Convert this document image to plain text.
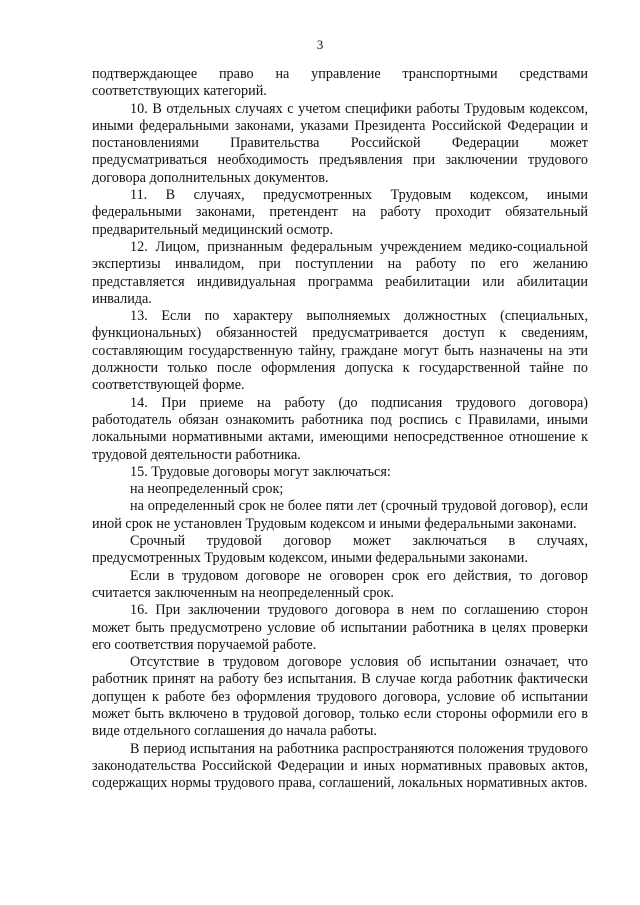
3

подтверждающее право на управление транспортными средствами соответствующих категорий.

10. В отдельных случаях с учетом специфики работы Трудовым кодексом, иными федеральными законами, указами Президента Российской Федерации и постановлениями Правительства Российской Федерации может предусматриваться необходимость предъявления при заключении трудового договора дополнительных документов.

11. В случаях, предусмотренных Трудовым кодексом, иными федеральными законами, претендент на работу проходит обязательный предварительный медицинский осмотр.

12. Лицом, признанным федеральным учреждением медико-социальной экспертизы инвалидом, при поступлении на работу по его желанию представляется индивидуальная программа реабилитации или абилитации инвалида.

13. Если по характеру выполняемых должностных (специальных, функциональных) обязанностей предусматривается доступ к сведениям, составляющим государственную тайну, граждане могут быть назначены на эти должности только после оформления допуска к государственной тайне по соответствующей форме.

14. При приеме на работу (до подписания трудового договора) работодатель обязан ознакомить работника под роспись с Правилами, иными локальными нормативными актами, имеющими непосредственное отношение к трудовой деятельности работника.

15. Трудовые договоры могут заключаться:

на неопределенный срок;

на определенный срок не более пяти лет (срочный трудовой договор), если иной срок не установлен Трудовым кодексом и иными федеральными законами.

Срочный трудовой договор может заключаться в случаях, предусмотренных Трудовым кодексом, иными федеральными законами.

Если в трудовом договоре не оговорен срок его действия, то договор считается заключенным на неопределенный срок.

16. При заключении трудового договора в нем по соглашению сторон может быть предусмотрено условие об испытании работника в целях проверки его соответствия поручаемой работе.

Отсутствие в трудовом договоре условия об испытании означает, что работник принят на работу без испытания. В случае когда работник фактически допущен к работе без оформления трудового договора, условие об испытании может быть включено в трудовой договор, только если стороны оформили его в виде отдельного соглашения до начала работы.

В период испытания на работника распространяются положения трудового законодательства Российской Федерации и иных нормативных правовых актов, содержащих нормы трудового права, соглашений, локальных нормативных актов.
